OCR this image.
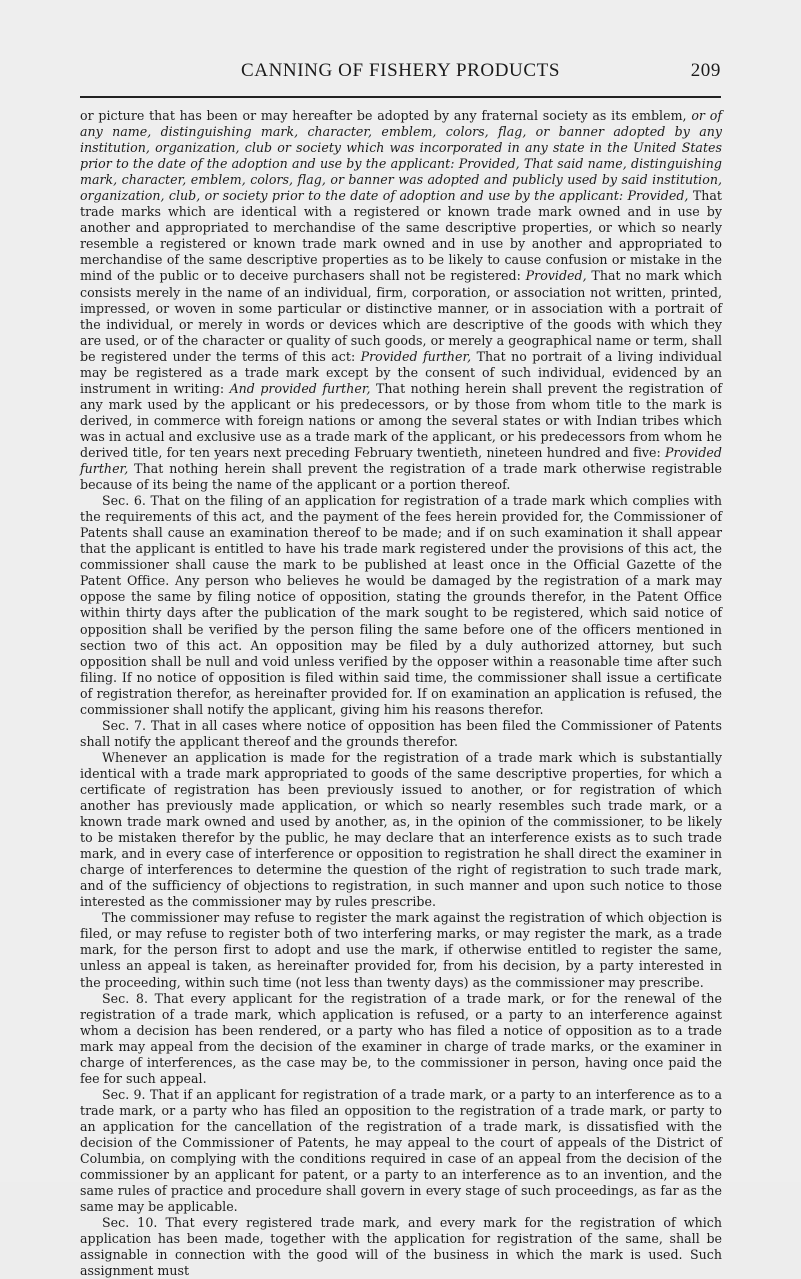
CANNING OF FISHERY PRODUCTS	209

or picture that has been or may hereafter be adopted by any fraternal society as its emblem, or of any name, distinguishing mark, character, emblem, colors, flag, or banner adopted by any institution, organization, club or society which was incorporated in any state in the United States prior to the date of the adoption and use by the applicant: Provided, That said name, distinguishing mark, character, emblem, colors, flag, or banner was adopted and publicly used by said institution, organization, club, or society prior to the date of adoption and use by the applicant: Provided, That trade marks which are identical with a registered or known trade mark owned and in use by another and appropriated to merchandise of the same descriptive properties, or which so nearly resemble a registered or known trade mark owned and in use by another and appropriated to merchandise of the same descriptive properties as to be likely to cause confusion or mistake in the mind of the public or to deceive purchasers shall not be registered: Provided, That no mark which consists merely in the name of an individual, firm, corporation, or association not written, printed, impressed, or woven in some particular or distinctive manner, or in association with a portrait of the individual, or merely in words or devices which are descriptive of the goods with which they are used, or of the character or quality of such goods, or merely a geographical name or term, shall be registered under the terms of this act: Provided further, That no portrait of a living individual may be registered as a trade mark except by the consent of such individual, evidenced by an instrument in writing: And provided further, That nothing herein shall prevent the registration of any mark used by the applicant or his predecessors, or by those from whom title to the mark is derived, in commerce with foreign nations or among the several states or with Indian tribes which was in actual and exclusive use as a trade mark of the applicant, or his predecessors from whom he derived title, for ten years next preceding February twentieth, nineteen hundred and five: Provided further, That nothing herein shall prevent the registration of a trade mark otherwise registrable because of its being the name of the applicant or a portion thereof.

Sec. 6. That on the filing of an application for registration of a trade mark which complies with the requirements of this act, and the payment of the fees herein provided for, the Commissioner of Patents shall cause an examination thereof to be made; and if on such examination it shall appear that the applicant is entitled to have his trade mark registered under the provisions of this act, the commissioner shall cause the mark to be published at least once in the Official Gazette of the Patent Office. Any person who believes he would be damaged by the registration of a mark may oppose the same by filing notice of opposition, stating the grounds therefor, in the Patent Office within thirty days after the publication of the mark sought to be registered, which said notice of opposition shall be verified by the person filing the same before one of the officers mentioned in section two of this act. An opposition may be filed by a duly authorized attorney, but such opposition shall be null and void unless verified by the opposer within a reasonable time after such filing. If no notice of opposition is filed within said time, the commissioner shall issue a certificate of registration therefor, as hereinafter provided for. If on examination an application is refused, the commissioner shall notify the applicant, giving him his reasons therefor.

Sec. 7. That in all cases where notice of opposition has been filed the Commissioner of Patents shall notify the applicant thereof and the grounds therefor.

Whenever an application is made for the registration of a trade mark which is substantially identical with a trade mark appropriated to goods of the same descriptive properties, for which a certificate of registration has been previously issued to another, or for registration of which another has previously made application, or which so nearly resembles such trade mark, or a known trade mark owned and used by another, as, in the opinion of the commissioner, to be likely to be mistaken therefor by the public, he may declare that an interference exists as to such trade mark, and in every case of interference or opposition to registration he shall direct the examiner in charge of interferences to determine the question of the right of registration to such trade mark, and of the sufficiency of objections to registration, in such manner and upon such notice to those interested as the commissioner may by rules prescribe.

The commissioner may refuse to register the mark against the registration of which objection is filed, or may refuse to register both of two interfering marks, or may register the mark, as a trade mark, for the person first to adopt and use the mark, if otherwise entitled to register the same, unless an appeal is taken, as hereinafter provided for, from his decision, by a party interested in the proceeding, within such time (not less than twenty days) as the commissioner may prescribe.

Sec. 8. That every applicant for the registration of a trade mark, or for the renewal of the registration of a trade mark, which application is refused, or a party to an interference against whom a decision has been rendered, or a party who has filed a notice of opposition as to a trade mark may appeal from the decision of the examiner in charge of trade marks, or the examiner in charge of interferences, as the case may be, to the commissioner in person, having once paid the fee for such appeal.

Sec. 9. That if an applicant for registration of a trade mark, or a party to an interference as to a trade mark, or a party who has filed an opposition to the registration of a trade mark, or party to an application for the cancellation of the registration of a trade mark, is dissatisfied with the decision of the Commissioner of Patents, he may appeal to the court of appeals of the District of Columbia, on complying with the conditions required in case of an appeal from the decision of the commissioner by an applicant for patent, or a party to an interference as to an invention, and the same rules of practice and procedure shall govern in every stage of such proceedings, as far as the same may be applicable.

Sec. 10. That every registered trade mark, and every mark for the registration of which application has been made, together with the application for registration of the same, shall be assignable in connection with the good will of the business in which the mark is used. Such assignment must
